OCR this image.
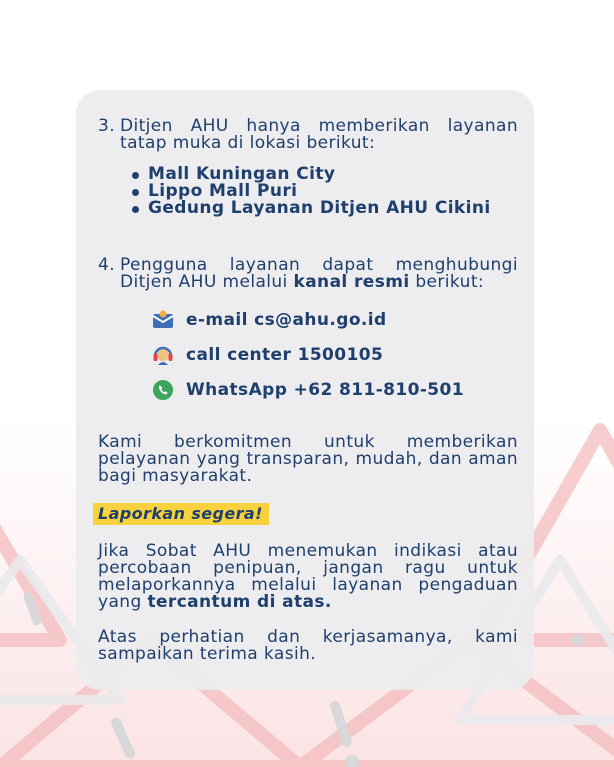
3. Ditjen AHU hanya memberikan layanan tatap muka di lokasi berikut:
Mall Kuningan City
Lippo Mall Puri
Gedung Layanan Ditjen AHU Cikini
4. Pengguna layanan dapat menghubungi Ditjen AHU melalui kanal resmi berikut:
e-mail cs@ahu.go.id
call center 1500105
WhatsApp +62 811-810-501
Kami berkomitmen untuk memberikan pelayanan yang transparan, mudah, dan aman bagi masyarakat.
Laporkan segera!
Jika Sobat AHU menemukan indikasi atau percobaan penipuan, jangan ragu untuk melaporkannya melalui layanan pengaduan yang tercantum di atas.
Atas perhatian dan kerjasamanya, kami sampaikan terima kasih.
